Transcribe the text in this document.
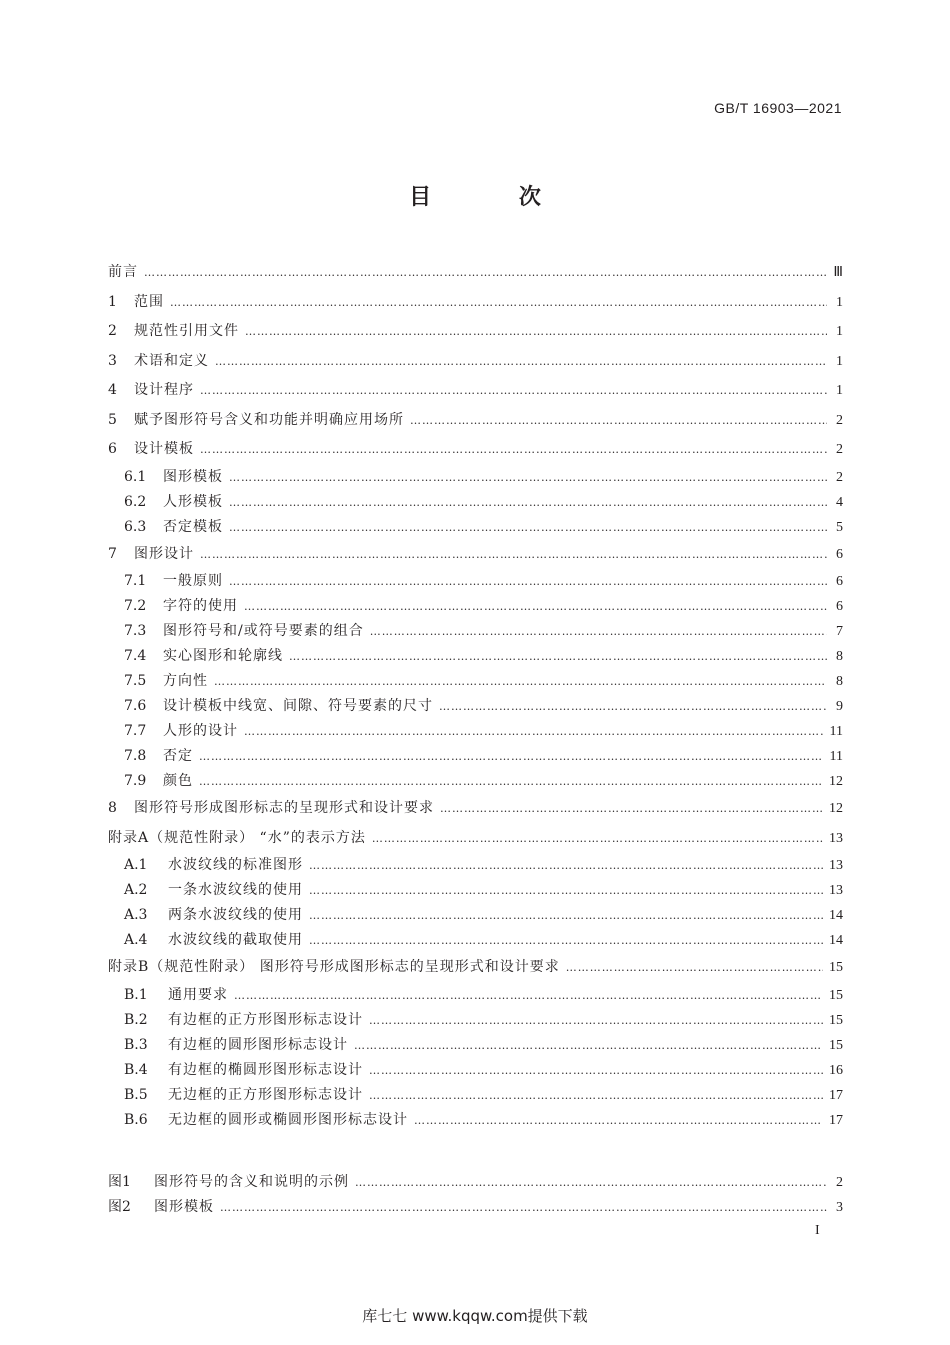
GB/T 16903—2021
目 次
前言 …………………………………………………………………………………………………………………………………………………………………………………………………………	Ⅲ
1	范围 …………………………………………………………………………………………………………………………………………………………………………………………………………	1
2	规范性引用文件 …………………………………………………………………………………………………………………………………………………………………………………………………………	1
3	术语和定义 …………………………………………………………………………………………………………………………………………………………………………………………………………	1
4	设计程序 …………………………………………………………………………………………………………………………………………………………………………………………………………	1
5	赋予图形符号含义和功能并明确应用场所 …………………………………………………………………………………………………………………………………………………………………………………………………………	2
6	设计模板 …………………………………………………………………………………………………………………………………………………………………………………………………………	2
6.1	图形模板 …………………………………………………………………………………………………………………………………………………………………………………………………………	2
6.2	人形模板 …………………………………………………………………………………………………………………………………………………………………………………………………………	4
6.3	否定模板 …………………………………………………………………………………………………………………………………………………………………………………………………………	5
7	图形设计 …………………………………………………………………………………………………………………………………………………………………………………………………………	6
7.1	一般原则 …………………………………………………………………………………………………………………………………………………………………………………………………………	6
7.2	字符的使用 …………………………………………………………………………………………………………………………………………………………………………………………………………	6
7.3	图形符号和/或符号要素的组合 …………………………………………………………………………………………………………………………………………………………………………………………………………	7
7.4	实心图形和轮廓线 …………………………………………………………………………………………………………………………………………………………………………………………………………	8
7.5	方向性 …………………………………………………………………………………………………………………………………………………………………………………………………………	8
7.6	设计模板中线宽、间隙、符号要素的尺寸 …………………………………………………………………………………………………………………………………………………………………………………………………………	9
7.7	人形的设计 …………………………………………………………………………………………………………………………………………………………………………………………………………	11
7.8	否定 …………………………………………………………………………………………………………………………………………………………………………………………………………	11
7.9	颜色 …………………………………………………………………………………………………………………………………………………………………………………………………………	12
8	图形符号形成图形标志的呈现形式和设计要求 …………………………………………………………………………………………………………………………………………………………………………………………………………	12
附录A（规范性附录） “水”的表示方法 …………………………………………………………………………………………………………………………………………………………………………………………………………	13
A.1	水波纹线的标准图形 …………………………………………………………………………………………………………………………………………………………………………………………………………	13
A.2	一条水波纹线的使用 …………………………………………………………………………………………………………………………………………………………………………………………………………	13
A.3	两条水波纹线的使用 …………………………………………………………………………………………………………………………………………………………………………………………………………	14
A.4	水波纹线的截取使用 …………………………………………………………………………………………………………………………………………………………………………………………………………	14
附录B（规范性附录） 图形符号形成图形标志的呈现形式和设计要求 …………………………………………………………………………………………………………………………………………………………………………………………………………	15
B.1	通用要求 …………………………………………………………………………………………………………………………………………………………………………………………………………	15
B.2	有边框的正方形图形标志设计 …………………………………………………………………………………………………………………………………………………………………………………………………………	15
B.3	有边框的圆形图形标志设计 …………………………………………………………………………………………………………………………………………………………………………………………………………	15
B.4	有边框的椭圆形图形标志设计 …………………………………………………………………………………………………………………………………………………………………………………………………………	16
B.5	无边框的正方形图形标志设计 …………………………………………………………………………………………………………………………………………………………………………………………………………	17
B.6	无边框的圆形或椭圆形图形标志设计 …………………………………………………………………………………………………………………………………………………………………………………………………………	17
图1	图形符号的含义和说明的示例 …………………………………………………………………………………………………………………………………………………………………………………………………………	2
图2	图形模板 …………………………………………………………………………………………………………………………………………………………………………………………………………	3
I
库七七 www.kqqw.com提供下载
